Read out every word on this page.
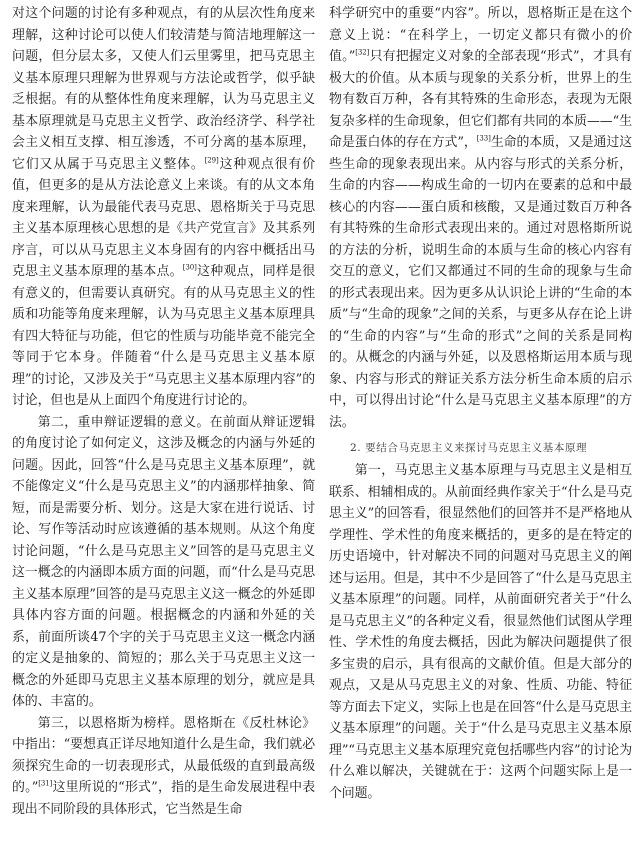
对这个问题的讨论有多种观点，有的从层次性角度来理解，这种讨论可以使人们较清楚与简洁地理解这一问题，但分层太多，又使人们云里雾里，把马克思主义基本原理只理解为世界观与方法论或哲学，似乎缺乏根据。有的从整体性角度来理解，认为马克思主义基本原理就是马克思主义哲学、政治经济学、科学社会主义相互支撑、相互渗透，不可分离的基本原理，它们又从属于马克思主义整体。[29]这种观点很有价值，但更多的是从方法论意义上来谈。有的从文本角度来理解，认为最能代表马克思、恩格斯关于马克思主义基本原理核心思想的是《共产党宣言》及其系列序言，可以从马克思主义本身固有的内容中概括出马克思主义基本原理的基本点。[30]这种观点，同样是很有意义的，但需要认真研究。有的从马克思主义的性质和功能等角度来理解，认为马克思主义基本原理具有四大特征与功能，但它的性质与功能毕竟不能完全等同于它本身。伴随着“什么是马克思主义基本原理”的讨论，又涉及关于“马克思主义基本原理内容”的讨论，但也是从上面四个角度进行讨论的。

第二，重申辩证逻辑的意义。在前面从辩证逻辑的角度讨论了如何定义，这涉及概念的内涵与外延的问题。因此，回答“什么是马克思主义基本原理”，就不能像定义“什么是马克思主义”的内涵那样抽象、简短，而是需要分析、划分。这是大家在进行说话、讨论、写作等活动时应该遵循的基本规则。从这个角度讨论问题，“什么是马克思主义”回答的是马克思主义这一概念的内涵即本质方面的问题，而“什么是马克思主义基本原理”回答的是马克思主义这一概念的外延即具体内容方面的问题。根据概念的内涵和外延的关系，前面所谈47个字的关于马克思主义这一概念内涵的定义是抽象的、简短的；那么关于马克思主义这一概念的外延即马克思主义基本原理的划分，就应是具体的、丰富的。

第三，以恩格斯为榜样。恩格斯在《反杜林论》中指出：“要想真正详尽地知道什么是生命，我们就必须探究生命的一切表现形式，从最低级的直到最高级的。”[31]这里所说的“形式”，指的是生命发展进程中表现出不同阶段的具体形式，它当然是生命

科学研究中的重要“内容”。所以，恩格斯正是在这个意义上说：“在科学上，一切定义都只有微小的价值。”[32]只有把握定义对象的全部表现“形式”，才具有极大的价值。从本质与现象的关系分析，世界上的生物有数百万种，各有其特殊的生命形态，表现为无限复杂多样的生命现象，但它们都有共同的本质——“生命是蛋白体的存在方式”，[33]生命的本质，又是通过这些生命的现象表现出来。从内容与形式的关系分析，生命的内容——构成生命的一切内在要素的总和中最核心的内容——蛋白质和核酸，又是通过数百万种各有其特殊的生命形式表现出来的。通过对恩格斯所说的方法的分析，说明生命的本质与生命的核心内容有交互的意义，它们又都通过不同的生命的现象与生命的形式表现出来。因为更多从认识论上讲的“生命的本质”与“生命的现象”之间的关系，与更多从存在论上讲的“生命的内容”与“生命的形式”之间的关系是同构的。从概念的内涵与外延，以及恩格斯运用本质与现象、内容与形式的辩证关系方法分析生命本质的启示中，可以得出讨论“什么是马克思主义基本原理”的方法。

2. 要结合马克思主义来探讨马克思主义基本原理

第一，马克思主义基本原理与马克思主义是相互联系、相辅相成的。从前面经典作家关于“什么是马克思主义”的回答看，很显然他们的回答并不是严格地从学理性、学术性的角度来概括的，更多的是在特定的历史语境中，针对解决不同的问题对马克思主义的阐述与运用。但是，其中不少是回答了“什么是马克思主义基本原理”的问题。同样，从前面研究者关于“什么是马克思主义”的各种定义看，很显然他们试图从学理性、学术性的角度去概括，因此为解决问题提供了很多宝贵的启示，具有很高的文献价值。但是大部分的观点，又是从马克思主义的对象、性质、功能、特征等方面去下定义，实际上也是在回答“什么是马克思主义基本原理”的问题。关于“什么是马克思主义基本原理”“马克思主义基本原理究竟包括哪些内容”的讨论为什么难以解决，关键就在于：这两个问题实际上是一个问题。
